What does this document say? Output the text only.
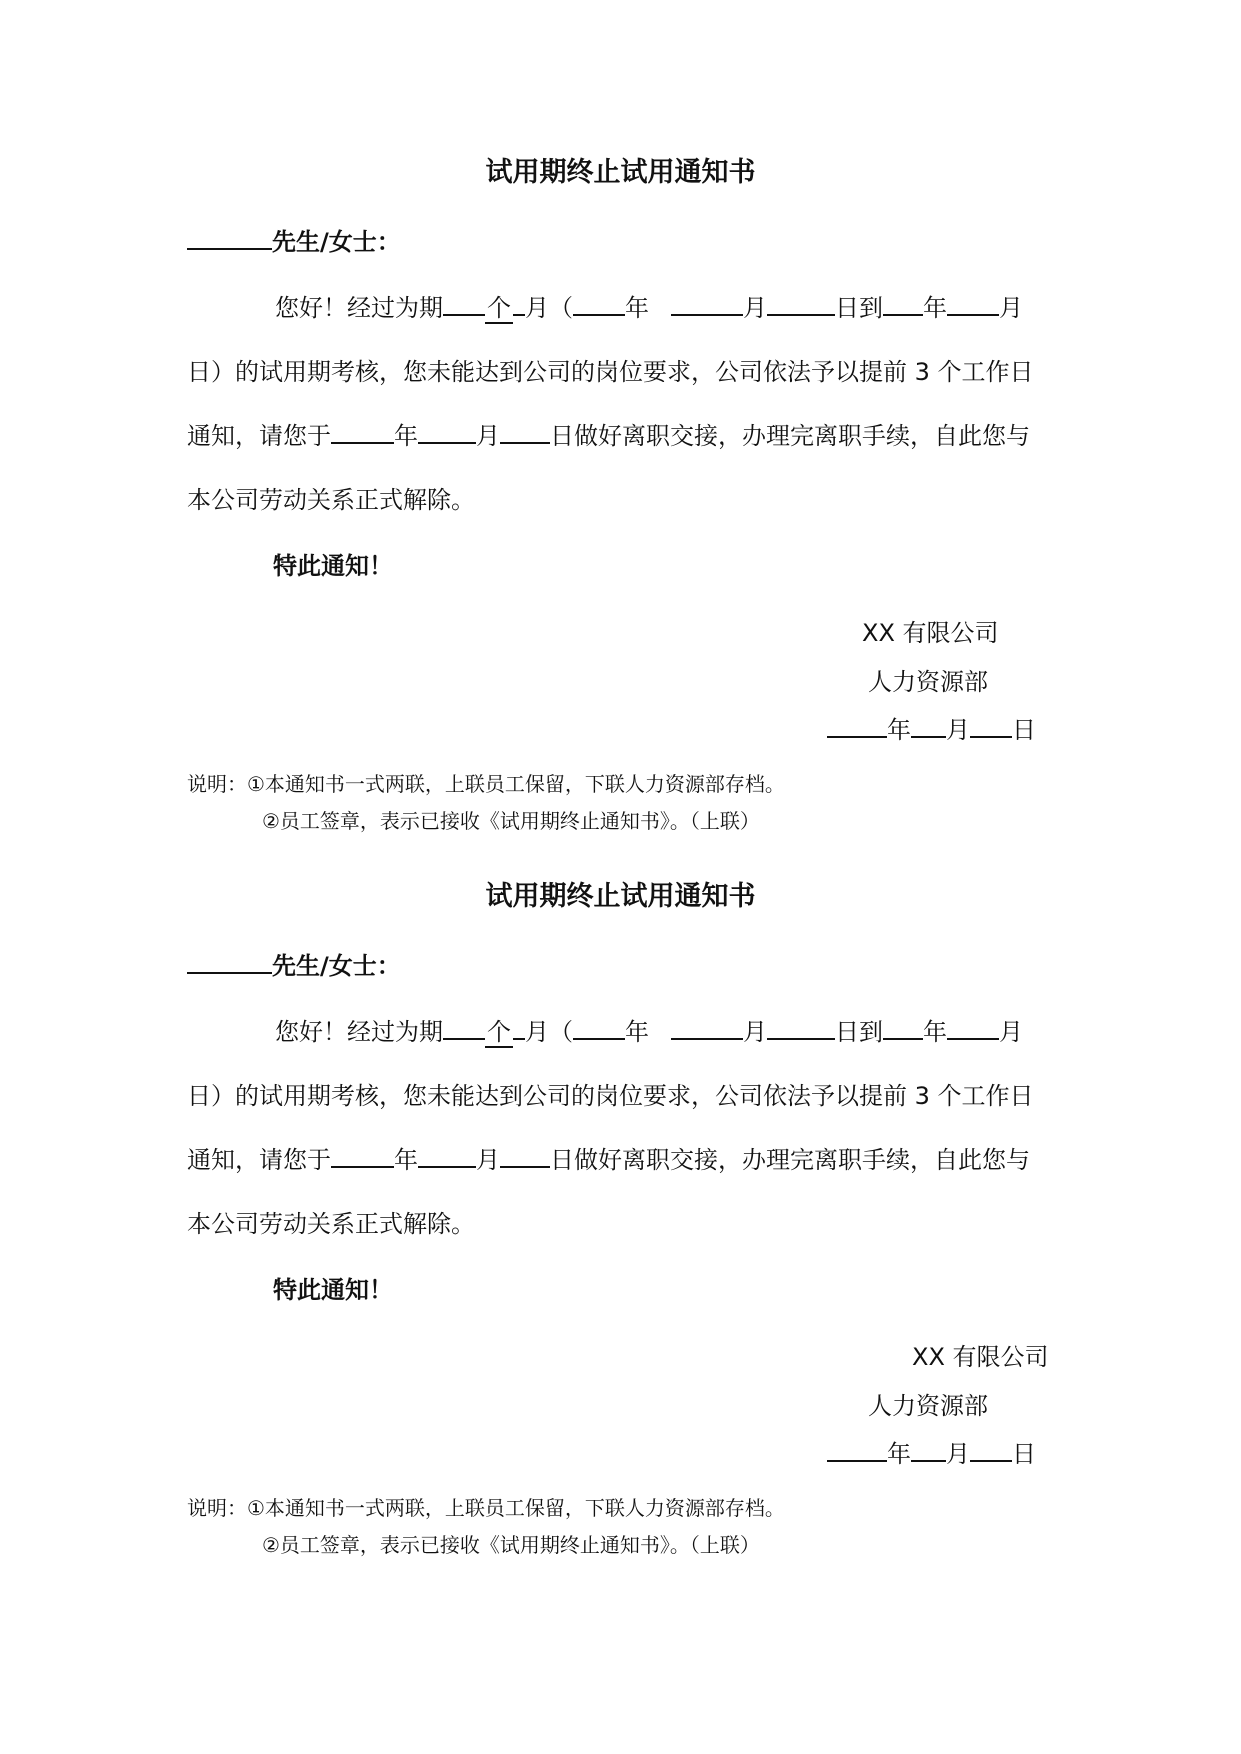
试用期终止试用通知书
先生/女士：
您好！经过为期 个 月（ 年	月	日到 年 月
日）的试用期考核，您未能达到公司的岗位要求，公司依法予以提前 3 个工作日
通知，请您于	年 月 日做好离职交接，办理完离职手续，自此您与
本公司劳动关系正式解除。
特此通知！
XX 有限公司
人力资源部
年 月 日
说明：①本通知书一式两联，上联员工保留，下联人力资源部存档。
②员工签章，表示已接收《试用期终止通知书》。（上联）
试用期终止试用通知书
先生/女士：
您好！经过为期 个 月（ 年	月	日到 年 月
日）的试用期考核，您未能达到公司的岗位要求，公司依法予以提前 3 个工作日
通知，请您于	年 月 日做好离职交接，办理完离职手续，自此您与
本公司劳动关系正式解除。
特此通知！
XX 有限公司
人力资源部
年 月 日
说明：①本通知书一式两联，上联员工保留，下联人力资源部存档。
②员工签章，表示已接收《试用期终止通知书》。（上联）
